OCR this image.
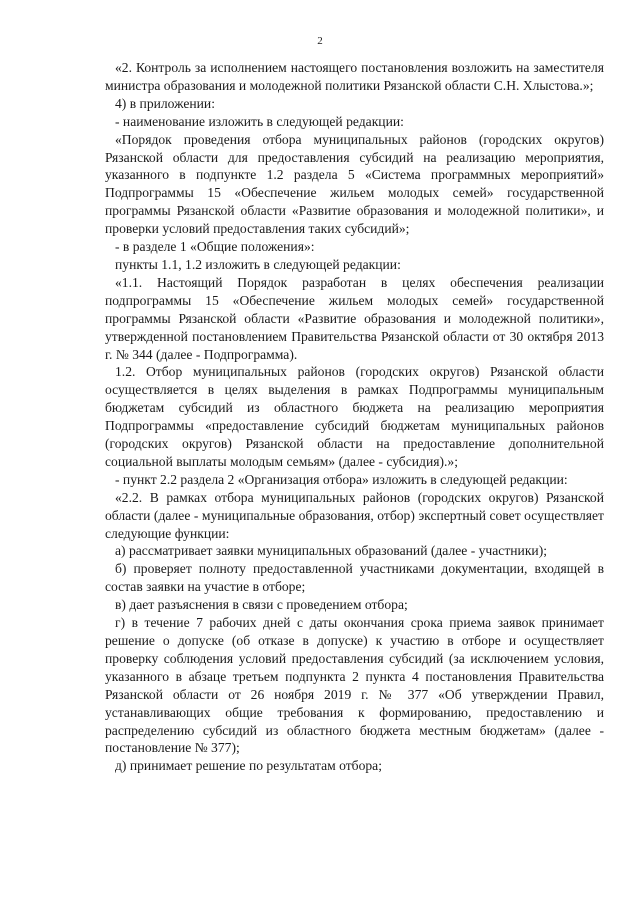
2

«2. Контроль за исполнением настоящего постановления возложить на заместителя министра образования и молодежной политики Рязанской области С.Н. Хлыстова.»;

4) в приложении:

- наименование изложить в следующей редакции:

«Порядок проведения отбора муниципальных районов (городских округов) Рязанской области для предоставления субсидий на реализацию мероприятия, указанного в подпункте 1.2 раздела 5 «Система программных мероприятий» Подпрограммы 15 «Обеспечение жильем молодых семей» государственной программы Рязанской области «Развитие образования и молодежной политики», и проверки условий предоставления таких субсидий»;

- в разделе 1 «Общие положения»:

пункты 1.1, 1.2 изложить в следующей редакции:

«1.1. Настоящий Порядок разработан в целях обеспечения реализации подпрограммы 15 «Обеспечение жильем молодых семей» государственной программы Рязанской области «Развитие образования и молодежной политики», утвержденной постановлением Правительства Рязанской области от 30 октября 2013 г. № 344 (далее - Подпрограмма).

1.2. Отбор муниципальных районов (городских округов) Рязанской области осуществляется в целях выделения в рамках Подпрограммы муниципальным бюджетам субсидий из областного бюджета на реализацию мероприятия Подпрограммы «предоставление субсидий бюджетам муниципальных районов (городских округов) Рязанской области на предоставление дополнительной социальной выплаты молодым семьям» (далее - субсидия).»;

- пункт 2.2 раздела 2 «Организация отбора» изложить в следующей редакции:

«2.2. В рамках отбора муниципальных районов (городских округов) Рязанской области (далее - муниципальные образования, отбор) экспертный совет осуществляет следующие функции:

а) рассматривает заявки муниципальных образований (далее - участники);

б) проверяет полноту предоставленной участниками документации, входящей в состав заявки на участие в отборе;

в) дает разъяснения в связи с проведением отбора;

г) в течение 7 рабочих дней с даты окончания срока приема заявок принимает решение о допуске (об отказе в допуске) к участию в отборе и осуществляет проверку соблюдения условий предоставления субсидий (за исключением условия, указанного в абзаце третьем подпункта 2 пункта 4 постановления Правительства Рязанской области от 26 ноября 2019 г. № 377 «Об утверждении Правил, устанавливающих общие требования к формированию, предоставлению и распределению субсидий из областного бюджета местным бюджетам» (далее - постановление № 377);

д) принимает решение по результатам отбора;
